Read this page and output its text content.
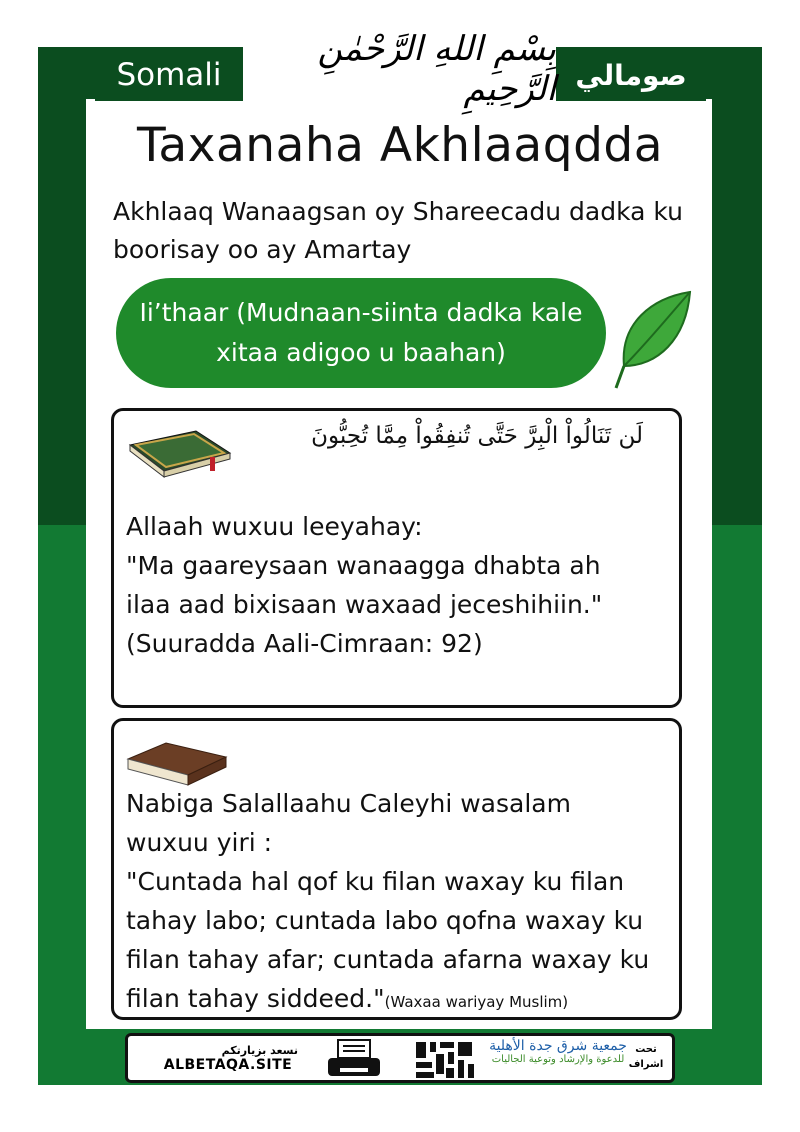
Somali	صومالي
بِسْمِ اللهِ الرَّحْمٰنِ الرَّحِيمِ
Taxanaha Akhlaaqdda
Akhlaaq Wanaagsan oy Shareecadu dadka ku boorisay oo ay Amartay
Ii’thaar (Mudnaan-siinta dadka kale
xitaa adigoo u baahan)
لَن تَنَالُواْ الْبِرَّ حَتَّى تُنفِقُواْ مِمَّا تُحِبُّونَ
Allaah wuxuu leeyahay:
"Ma gaareysaan wanaagga dhabta ah
ilaa aad bixisaan waxaad jeceshihiin."
(Suuradda Aali-Cimraan: 92)
Nabiga Salallaahu Caleyhi wasalam
wuxuu yiri :
"Cuntada hal qof ku filan waxay ku filan
tahay labo; cuntada labo qofna waxay ku
filan tahay afar; cuntada afarna waxay ku
filan tahay siddeed."(Waxaa wariyay Muslim)
نسعد بزيارتكم
ALBETAQA.SITE
جمعية شرق جدة الأهلية
للدعوة والإرشاد وتوعية الجاليات
تحت
اشراف
